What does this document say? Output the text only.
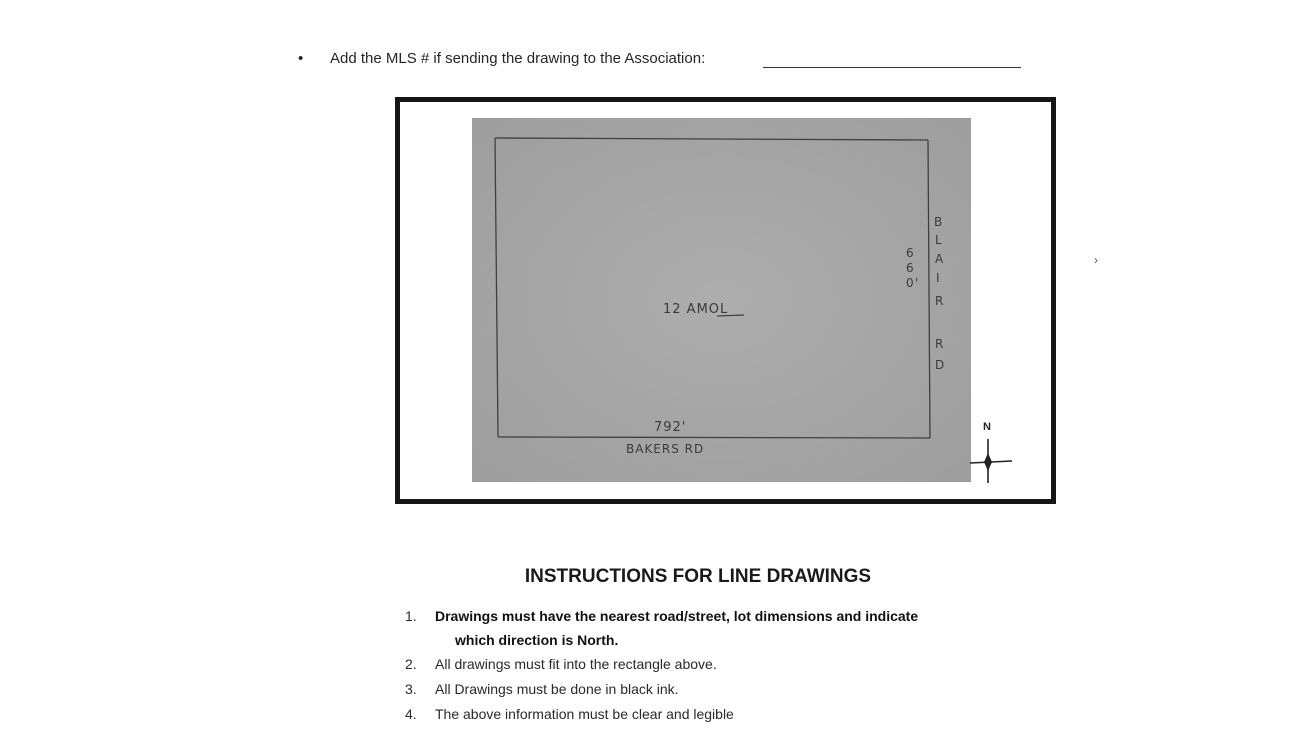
• Add the MLS # if sending the drawing to the Association:
12 AMOL
792'
BAKERS RD
6
6
0 '
B
L
A
I
R
R
D
N
›
INSTRUCTIONS FOR LINE DRAWINGS
1. Drawings must have the nearest road/street, lot dimensions and indicate
which direction is North.
2. All drawings must fit into the rectangle above.
3. All Drawings must be done in black ink.
4. The above information must be clear and legible
